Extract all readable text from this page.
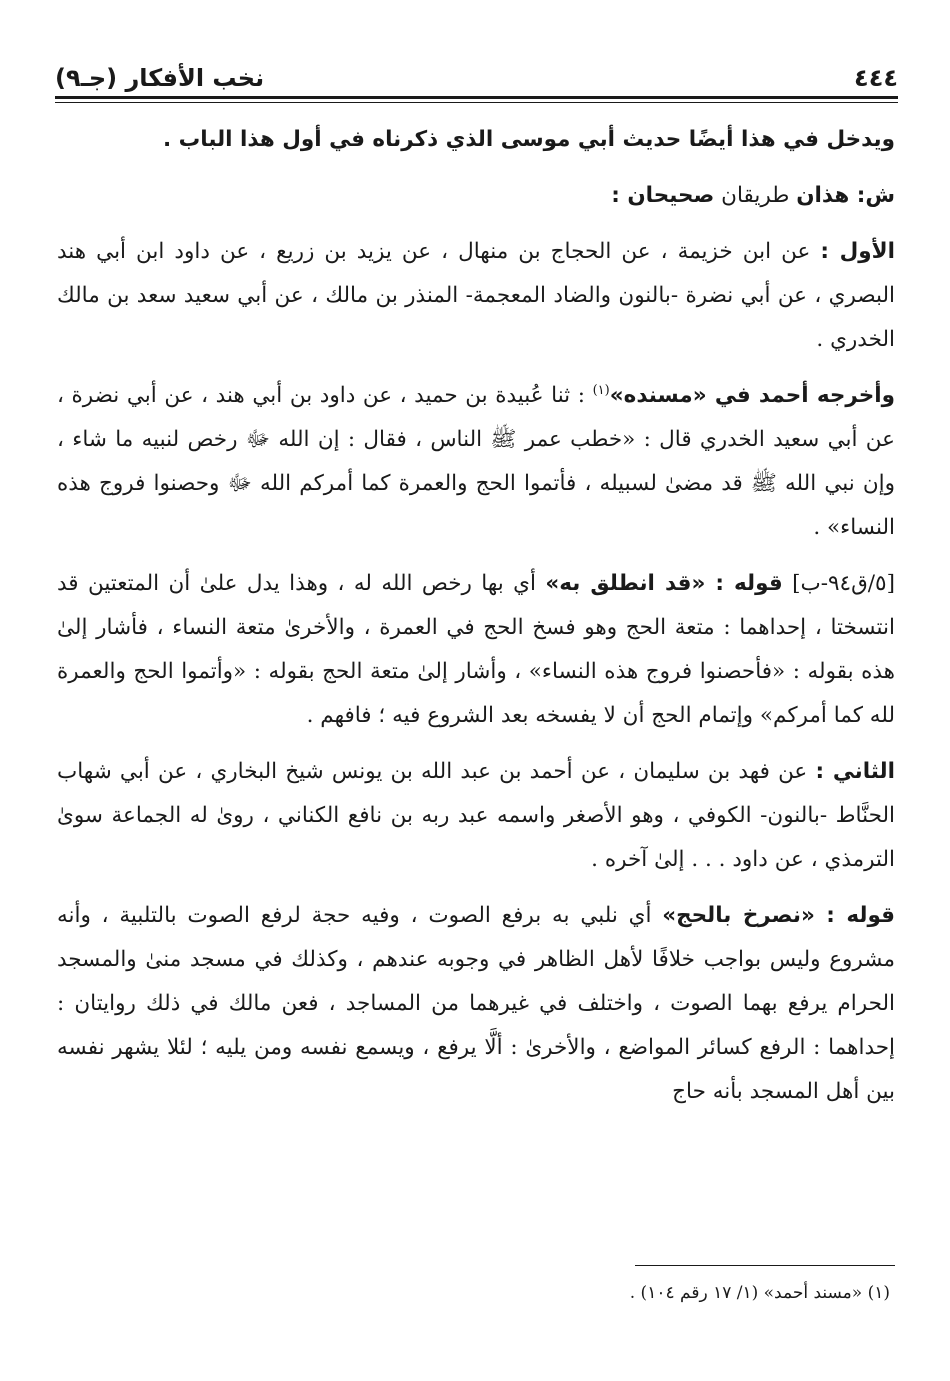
٤٤٤
نخب الأفكار (جـ٩)

ويدخل في هذا أيضًا حديث أبي موسى الذي ذكرناه في أول هذا الباب .

ش: هذان طريقان صحيحان :

الأول : عن ابن خزيمة ، عن الحجاج بن منهال ، عن يزيد بن زريع ، عن داود ابن أبي هند البصري ، عن أبي نضرة -بالنون والضاد المعجمة- المنذر بن مالك ، عن أبي سعيد سعد بن مالك الخدري .

وأخرجه أحمد في «مسنده»$^{(١)}$ : ثنا عُبيدة بن حميد ، عن داود بن أبي هند ، عن أبي نضرة ، عن أبي سعيد الخدري قال : «خطب عمر ﷺ الناس ، فقال : إن الله ﷻ رخص لنبيه ما شاء ، وإن نبي الله ﷺ قد مضىٰ لسبيله ، فأتموا الحج والعمرة كما أمركم الله ﷻ وحصنوا فروج هذه النساء» .

[٥/ق٩٤-ب] قوله : «قد انطلق به» أي بها رخص الله له ، وهذا يدل علىٰ أن المتعتين قد انتسختا ، إحداهما : متعة الحج وهو فسخ الحج في العمرة ، والأخرىٰ متعة النساء ، فأشار إلىٰ هذه بقوله : «فأحصنوا فروج هذه النساء» ، وأشار إلىٰ متعة الحج بقوله : «وأتموا الحج والعمرة لله كما أمركم» وإتمام الحج أن لا يفسخه بعد الشروع فيه ؛ فافهم .

الثاني : عن فهد بن سليمان ، عن أحمد بن عبد الله بن يونس شيخ البخاري ، عن أبي شهاب الحنَّاط -بالنون- الكوفي ، وهو الأصغر واسمه عبد ربه بن نافع الكناني ، روىٰ له الجماعة سوىٰ الترمذي ، عن داود . . . إلىٰ آخره .

قوله : «نصرخ بالحج» أي نلبي به برفع الصوت ، وفيه حجة لرفع الصوت بالتلبية ، وأنه مشروع وليس بواجب خلافًا لأهل الظاهر في وجوبه عندهم ، وكذلك في مسجد منىٰ والمسجد الحرام يرفع بهما الصوت ، واختلف في غيرهما من المساجد ، فعن مالك في ذلك روايتان : إحداهما : الرفع كسائر المواضع ، والأخرىٰ : ألَّا يرفع ، ويسمع نفسه ومن يليه ؛ لئلا يشهر نفسه بين أهل المسجد بأنه حاج

(١) «مسند أحمد» (١/ ١٧ رقم ١٠٤) .
